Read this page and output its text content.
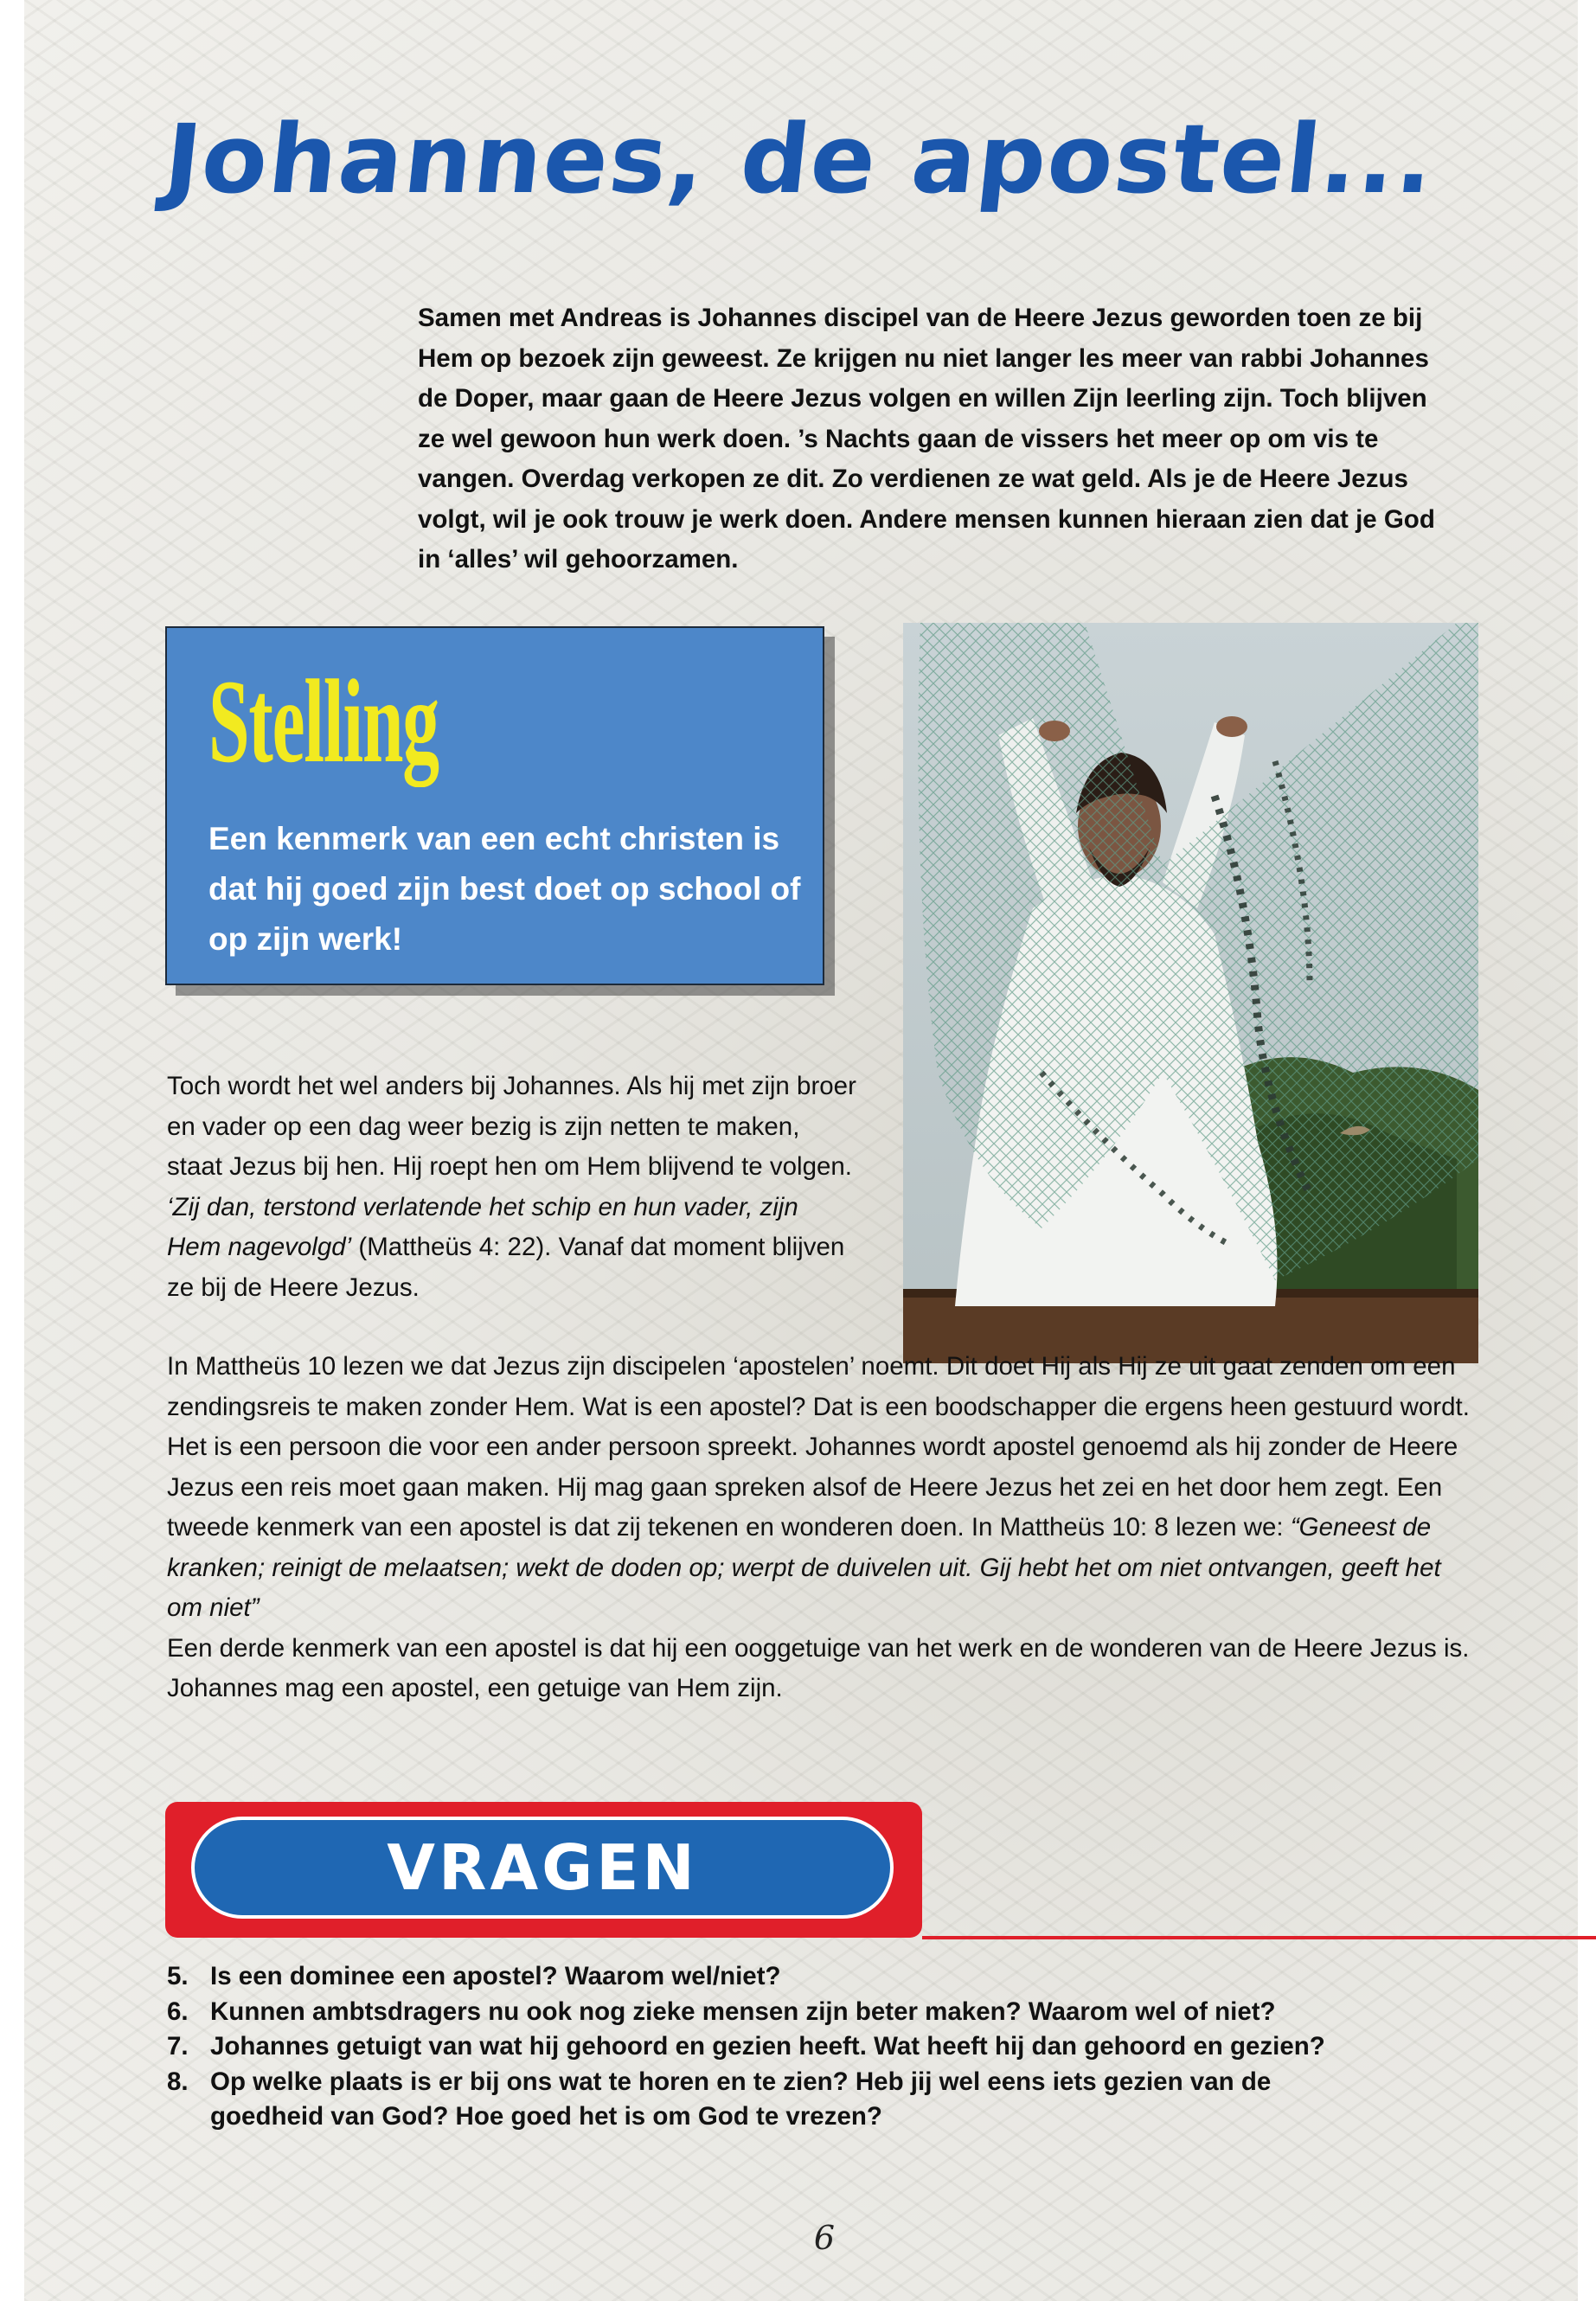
Johannes, de apostel...

Samen met Andreas is Johannes discipel van de Heere Jezus geworden toen ze bij Hem op bezoek zijn geweest. Ze krijgen nu niet langer les meer van rabbi Johannes de Doper, maar gaan de Heere Jezus volgen en willen Zijn leerling zijn. Toch blijven ze wel gewoon hun werk doen. ’s Nachts gaan de vissers het meer op om vis te vangen. Overdag verkopen ze dit. Zo verdienen ze wat geld. Als je de Heere Jezus volgt, wil je ook trouw je werk doen. Andere mensen kunnen hieraan zien dat je God in ‘alles’ wil gehoorzamen.

Stelling

Een kenmerk van een echt christen is dat hij goed zijn best doet op school of op zijn werk!

Toch wordt het wel anders bij Johannes. Als hij met zijn broer en vader op een dag weer bezig is zijn netten te maken, staat Jezus bij hen. Hij roept hen om Hem blijvend te volgen. ‘Zij dan, terstond verlatende het schip en hun vader, zijn Hem nagevolgd’ (Mattheüs 4: 22). Vanaf dat moment blijven ze bij de Heere Jezus.

In Mattheüs 10 lezen we dat Jezus zijn discipelen ‘apostelen’ noemt. Dit doet Hij als Hij ze uit gaat zenden om een zendingsreis te maken zonder Hem. Wat is een apostel? Dat is een boodschapper die ergens heen gestuurd wordt. Het is een persoon die voor een ander persoon spreekt. Johannes wordt apostel genoemd als hij zonder de Heere Jezus een reis moet gaan maken. Hij mag gaan spreken alsof de Heere Jezus het zei en het door hem zegt. Een tweede kenmerk van een apostel is dat zij tekenen en wonderen doen. In Mattheüs 10: 8 lezen we: “Geneest de kranken; reinigt de melaatsen; wekt de doden op; werpt de duivelen uit. Gij hebt het om niet ontvangen, geeft het om niet”
Een derde kenmerk van een apostel is dat hij een ooggetuige van het werk en de wonderen van de Heere Jezus is. Johannes mag een apostel, een getuige van Hem zijn.

VRAGEN
5. Is een dominee een apostel? Waarom wel/niet?
6. Kunnen ambtsdragers nu ook nog zieke mensen zijn beter maken? Waarom wel of niet?
7. Johannes getuigt van wat hij gehoord en gezien heeft. Wat heeft hij dan gehoord en gezien?
8. Op welke plaats is er bij ons wat te horen en te zien? Heb jij wel eens iets gezien van de goedheid van God? Hoe goed het is om God te vrezen?
6
